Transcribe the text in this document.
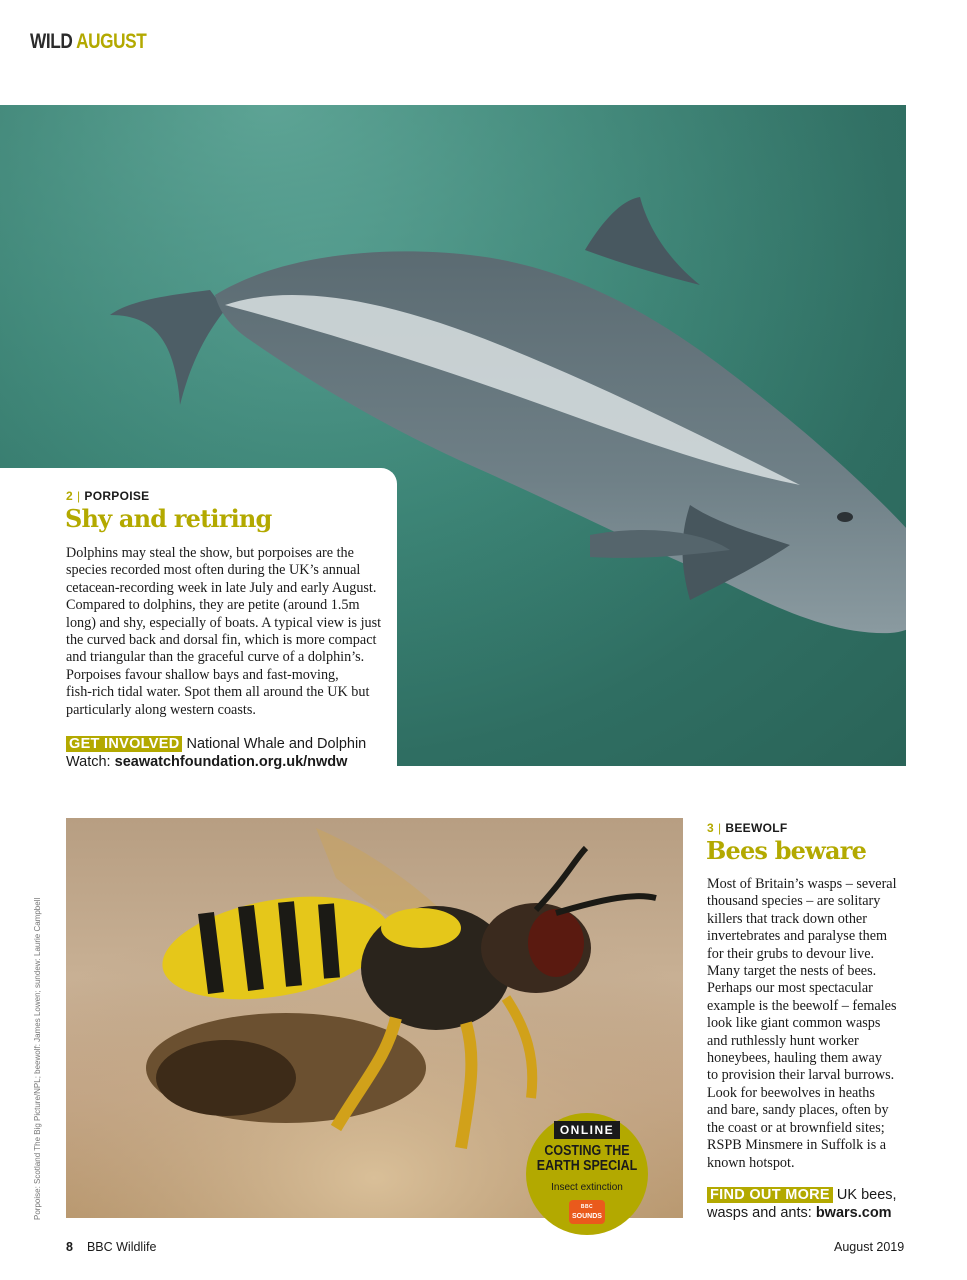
WILD AUGUST
2 | PORPOISE
Shy and retiring
Dolphins may steal the show, but porpoises are the
species recorded most often during the UK’s annual
cetacean-recording week in late July and early August.
Compared to dolphins, they are petite (around 1.5m
long) and shy, especially of boats. A typical view is just
the curved back and dorsal fin, which is more compact
and triangular than the graceful curve of a dolphin’s.
Porpoises favour shallow bays and fast-moving,
fish-rich tidal water. Spot them all around the UK but
particularly along western coasts.
GET INVOLVED National Whale and Dolphin
Watch: seawatchfoundation.org.uk/nwdw
Porpoise: Scotland The Big Picture/NPL; beewolf: James Lowen; sundew: Laurie Campbell	ONLINE
COSTING THE
EARTH SPECIAL
Insect extinction
BBC
SOUNDS
3 | BEEWOLF
Bees beware
Most of Britain’s wasps – several
thousand species – are solitary
killers that track down other
invertebrates and paralyse them
for their grubs to devour live.
Many target the nests of bees.
Perhaps our most spectacular
example is the beewolf – females
look like giant common wasps
and ruthlessly hunt worker
honeybees, hauling them away
to provision their larval burrows.
Look for beewolves in heaths
and bare, sandy places, often by
the coast or at brownfield sites;
RSPB Minsmere in Suffolk is a
known hotspot.
FIND OUT MORE UK bees,
wasps and ants: bwars.com
8 BBC Wildlife	August 2019
